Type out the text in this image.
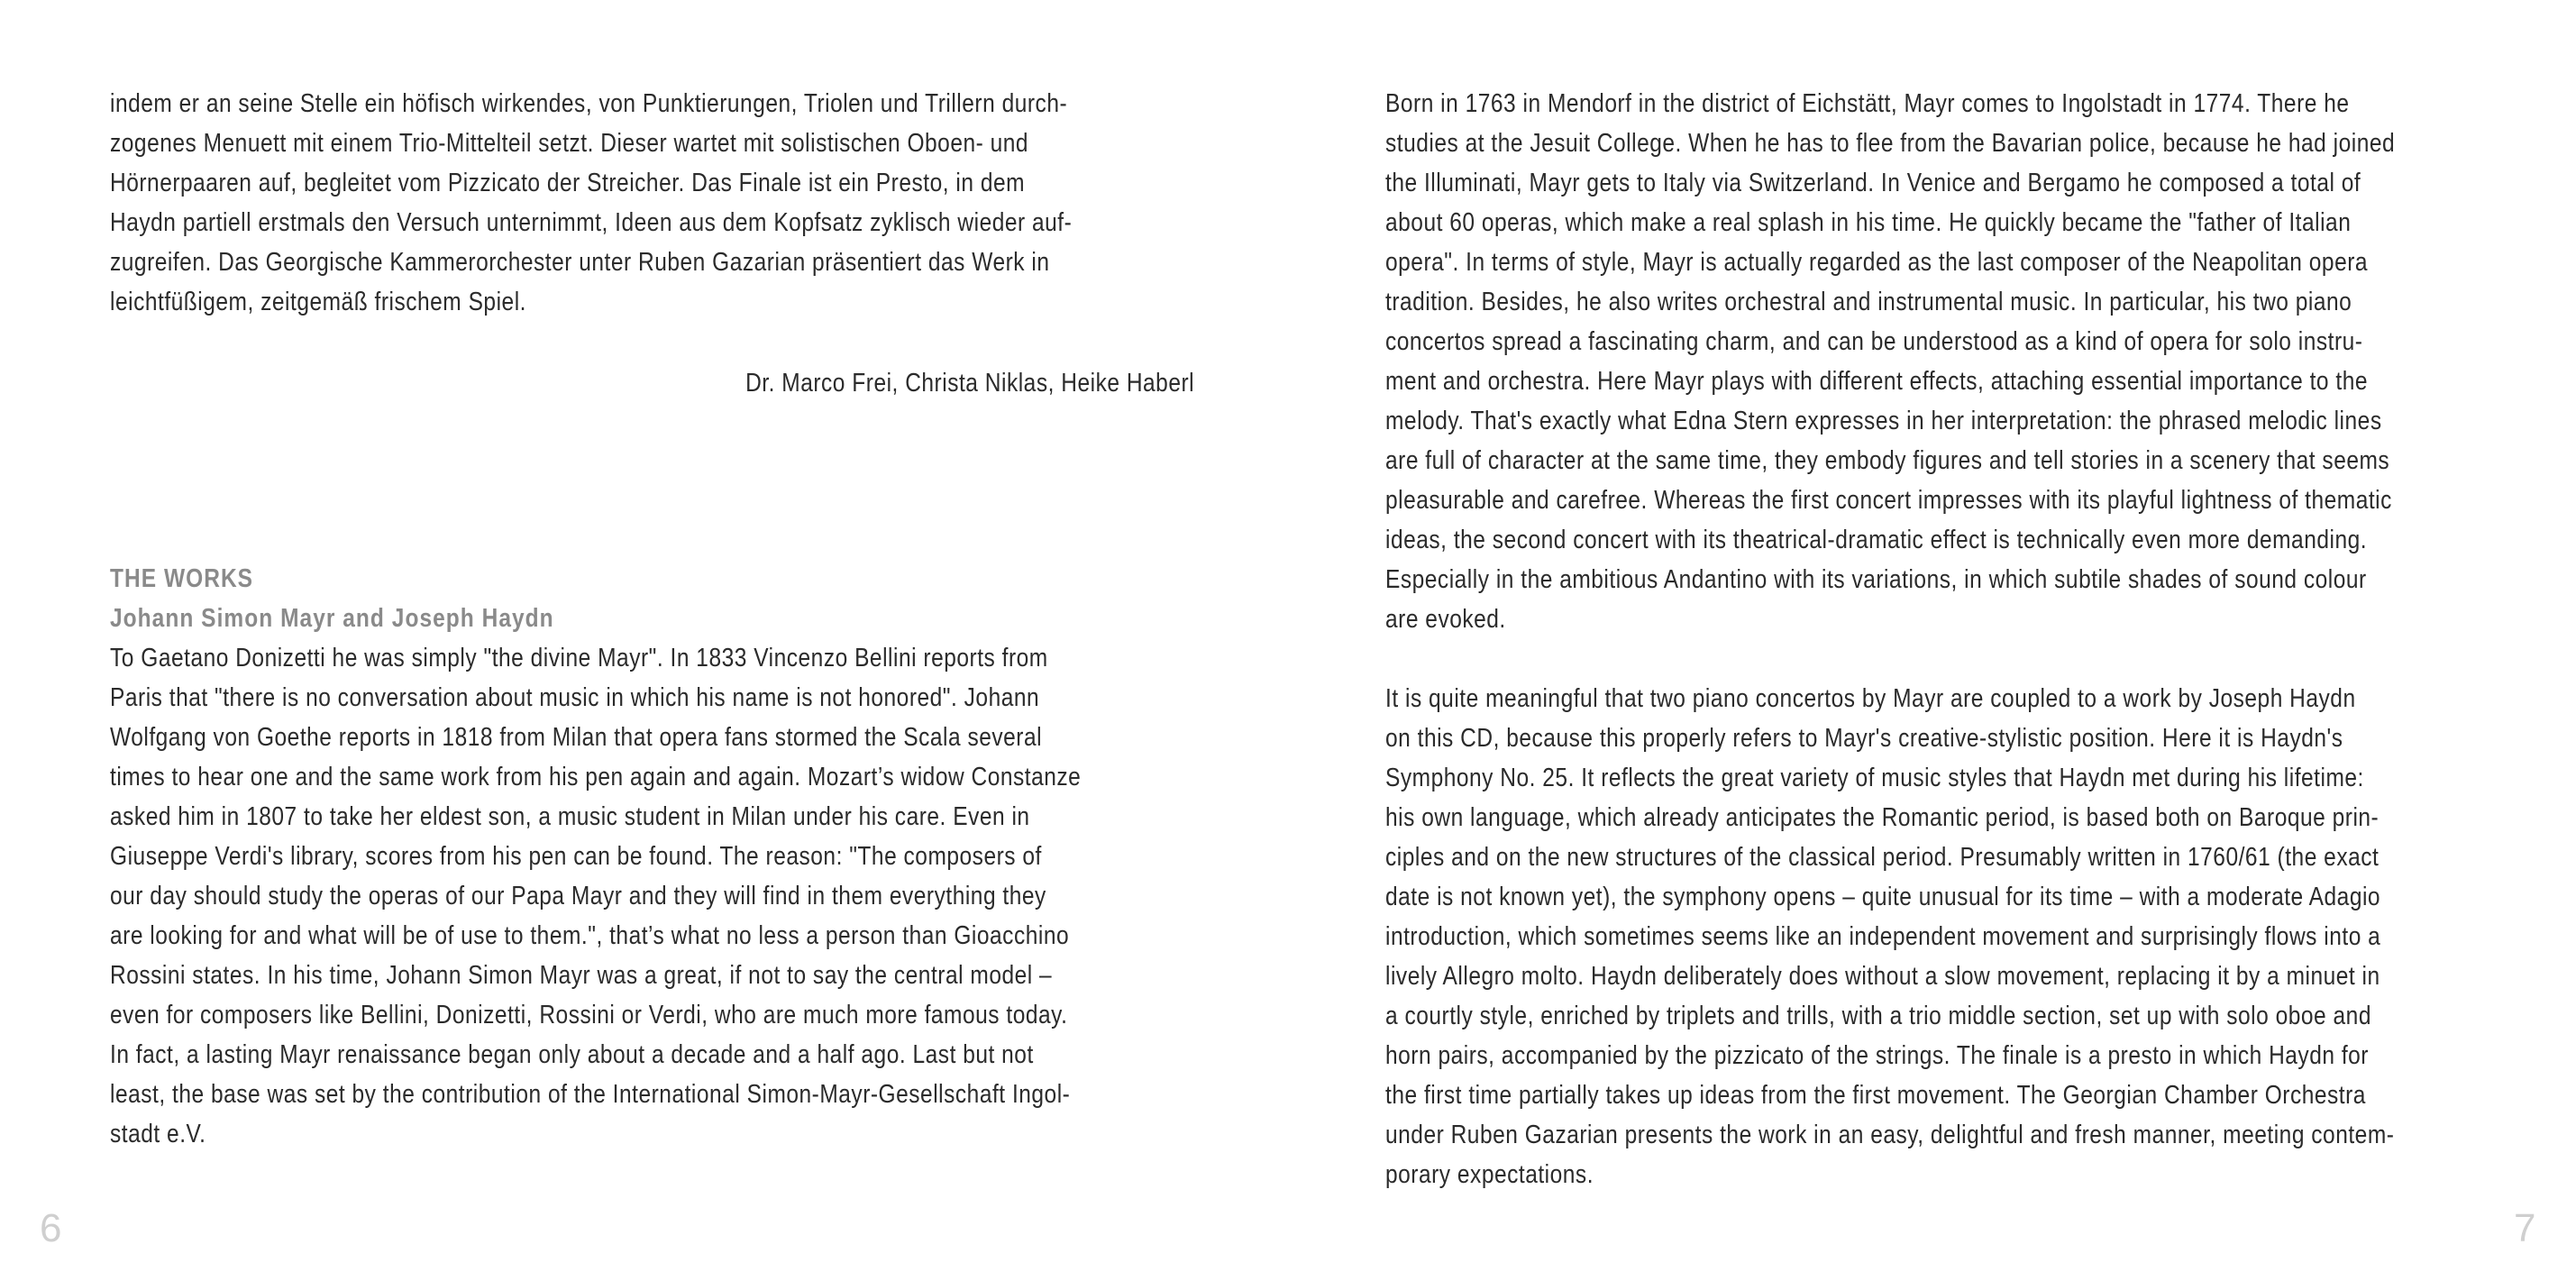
indem er an seine Stelle ein höfisch wirkendes, von Punktierungen, Triolen und Trillern durch-
zogenes Menuett mit einem Trio-Mittelteil setzt. Dieser wartet mit solistischen Oboen- und
Hörnerpaaren auf, begleitet vom Pizzicato der Streicher. Das Finale ist ein Presto, in dem
Haydn partiell erstmals den Versuch unternimmt, Ideen aus dem Kopfsatz zyklisch wieder auf-
zugreifen. Das Georgische Kammerorchester unter Ruben Gazarian präsentiert das Werk in
leichtfüßigem, zeitgemäß frischem Spiel.
Dr. Marco Frei, Christa Niklas, Heike Haberl
THE WORKS
Johann Simon Mayr and Joseph Haydn
To Gaetano Donizetti he was simply "the divine Mayr". In 1833 Vincenzo Bellini reports from
Paris that "there is no conversation about music in which his name is not honored". Johann
Wolfgang von Goethe reports in 1818 from Milan that opera fans stormed the Scala several
times to hear one and the same work from his pen again and again. Mozart’s widow Constanze
asked him in 1807 to take her eldest son, a music student in Milan under his care. Even in
Giuseppe Verdi's library, scores from his pen can be found. The reason: "The composers of
our day should study the operas of our Papa Mayr and they will find in them everything they
are looking for and what will be of use to them.", that’s what no less a person than Gioacchino
Rossini states. In his time, Johann Simon Mayr was a great, if not to say the central model –
even for composers like Bellini, Donizetti, Rossini or Verdi, who are much more famous today.
In fact, a lasting Mayr renaissance began only about a decade and a half ago. Last but not
least, the base was set by the contribution of the International Simon-Mayr-Gesellschaft Ingol-
stadt e.V.
6
Born in 1763 in Mendorf in the district of Eichstätt, Mayr comes to Ingolstadt in 1774. There he
studies at the Jesuit College. When he has to flee from the Bavarian police, because he had joined
the Illuminati, Mayr gets to Italy via Switzerland. In Venice and Bergamo he composed a total of
about 60 operas, which make a real splash in his time. He quickly became the "father of Italian
opera". In terms of style, Mayr is actually regarded as the last composer of the Neapolitan opera
tradition. Besides, he also writes orchestral and instrumental music. In particular, his two piano
concertos spread a fascinating charm, and can be understood as a kind of opera for solo instru-
ment and orchestra. Here Mayr plays with different effects, attaching essential importance to the
melody. That's exactly what Edna Stern expresses in her interpretation: the phrased melodic lines
are full of character at the same time, they embody figures and tell stories in a scenery that seems
pleasurable and carefree. Whereas the first concert impresses with its playful lightness of thematic
ideas, the second concert with its theatrical-dramatic effect is technically even more demanding.
Especially in the ambitious Andantino with its variations, in which subtile shades of sound colour
are evoked.
It is quite meaningful that two piano concertos by Mayr are coupled to a work by Joseph Haydn
on this CD, because this properly refers to Mayr's creative-stylistic position. Here it is Haydn's
Symphony No. 25. It reflects the great variety of music styles that Haydn met during his lifetime:
his own language, which already anticipates the Romantic period, is based both on Baroque prin-
ciples and on the new structures of the classical period. Presumably written in 1760/61 (the exact
date is not known yet), the symphony opens – quite unusual for its time – with a moderate Adagio
introduction, which sometimes seems like an independent movement and surprisingly flows into a
lively Allegro molto. Haydn deliberately does without a slow movement, replacing it by a minuet in
a courtly style, enriched by triplets and trills, with a trio middle section, set up with solo oboe and
horn pairs, accompanied by the pizzicato of the strings. The finale is a presto in which Haydn for
the first time partially takes up ideas from the first movement. The Georgian Chamber Orchestra
under Ruben Gazarian presents the work in an easy, delightful and fresh manner, meeting contem-
porary expectations.
7
